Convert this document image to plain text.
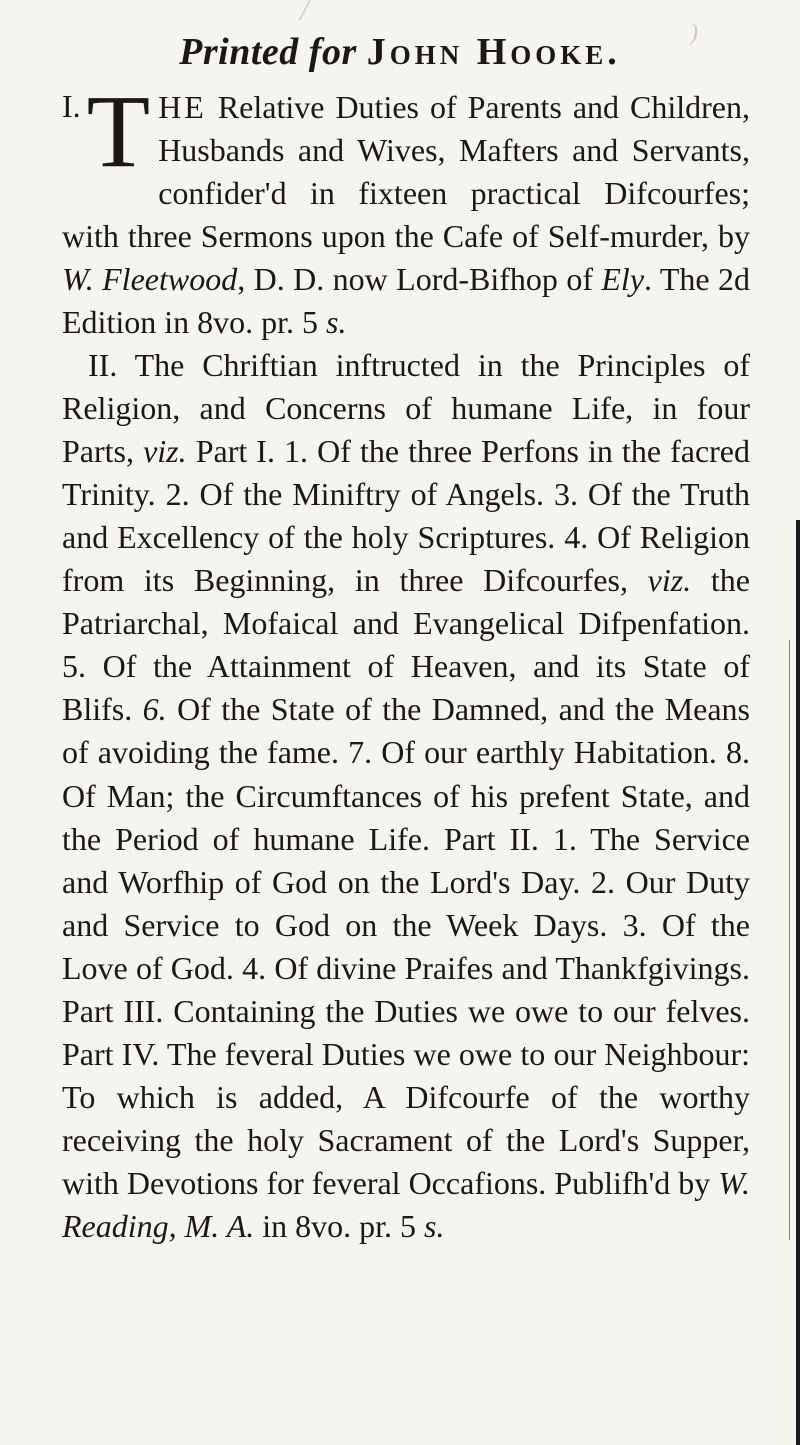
/
)
Printed for John Hooke.

I.T HE Relative Duties of Parents and Children, Husbands and Wives, Mafters and Servants, confider'd in fixteen practical Difcourfes; with three Sermons upon the Cafe of Self-murder, by W. Fleetwood, D. D. now Lord-Bifhop of Ely. The 2d Edition in 8vo. pr. 5 s.

II. The Chriftian inftructed in the Principles of Religion, and Concerns of humane Life, in four Parts, viz. Part I. 1. Of the three Perfons in the facred Trinity. 2. Of the Miniftry of Angels. 3. Of the Truth and Excellency of the holy Scriptures. 4. Of Religion from its Beginning, in three Difcourfes, viz. the Patriarchal, Mofaical and Evangelical Difpenfation. 5. Of the Attainment of Heaven, and its State of Blifs. 6. Of the State of the Damned, and the Means of avoiding the fame. 7. Of our earthly Habitation. 8. Of Man; the Circumftances of his prefent State, and the Period of humane Life. Part II. 1. The Service and Worfhip of God on the Lord's Day. 2. Our Duty and Service to God on the Week Days. 3. Of the Love of God. 4. Of divine Praifes and Thankfgivings. Part III. Containing the Duties we owe to our felves. Part IV. The feveral Duties we owe to our Neighbour: To which is added, A Difcourfe of the worthy receiving the holy Sacrament of the Lord's Supper, with Devotions for feveral Occafions. Publifh'd by W. Reading, M. A. in 8vo. pr. 5 s.
